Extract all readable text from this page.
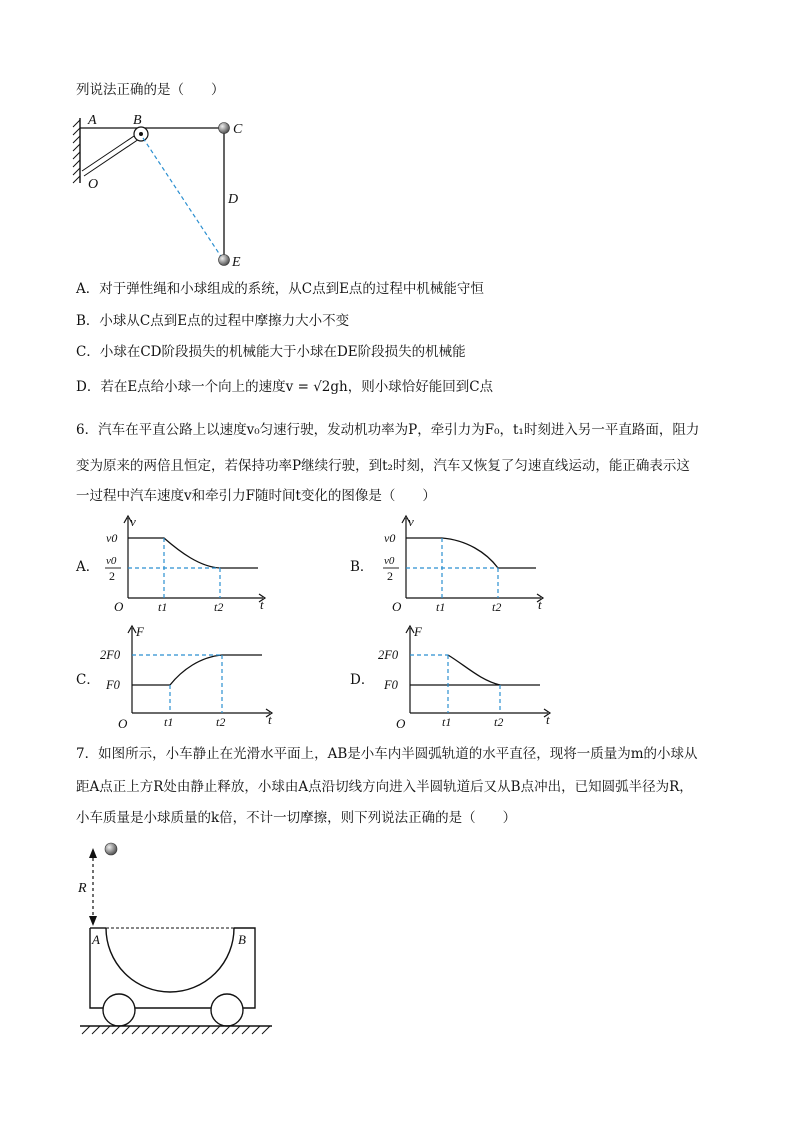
列说法正确的是（　　）
A	B
C
D
E
O
A．对于弹性绳和小球组成的系统，从C点到E点的过程中机械能守恒
B．小球从C点到E点的过程中摩擦力大小不变
C．小球在CD阶段损失的机械能大于小球在DE阶段损失的机械能
D．若在E点给小球一个向上的速度v = √2gh，则小球恰好能回到C点
6．汽车在平直公路上以速度v₀匀速行驶，发动机功率为P，牵引力为F₀，t₁时刻进入另一平直路面，阻力
变为原来的两倍且恒定，若保持功率P继续行驶，到t₂时刻，汽车又恢复了匀速直线运动，能正确表示这
一过程中汽车速度v和牵引力F随时间t变化的图像是（　　）
A．
v
t
O
v0
v0
2
t1	t2
B．
v
t
O
v0
v0
2
t1	t2
C．
F
t
O
2F0
F0
t1	t2
D．
F
t
O
2F0
F0
t1	t2
7．如图所示，小车静止在光滑水平面上，AB是小车内半圆弧轨道的水平直径，现将一质量为m的小球从
距A点正上方R处由静止释放，小球由A点沿切线方向进入半圆轨道后又从B点冲出，已知圆弧半径为R，
小车质量是小球质量的k倍，不计一切摩擦，则下列说法正确的是（　　）
R
A	B
